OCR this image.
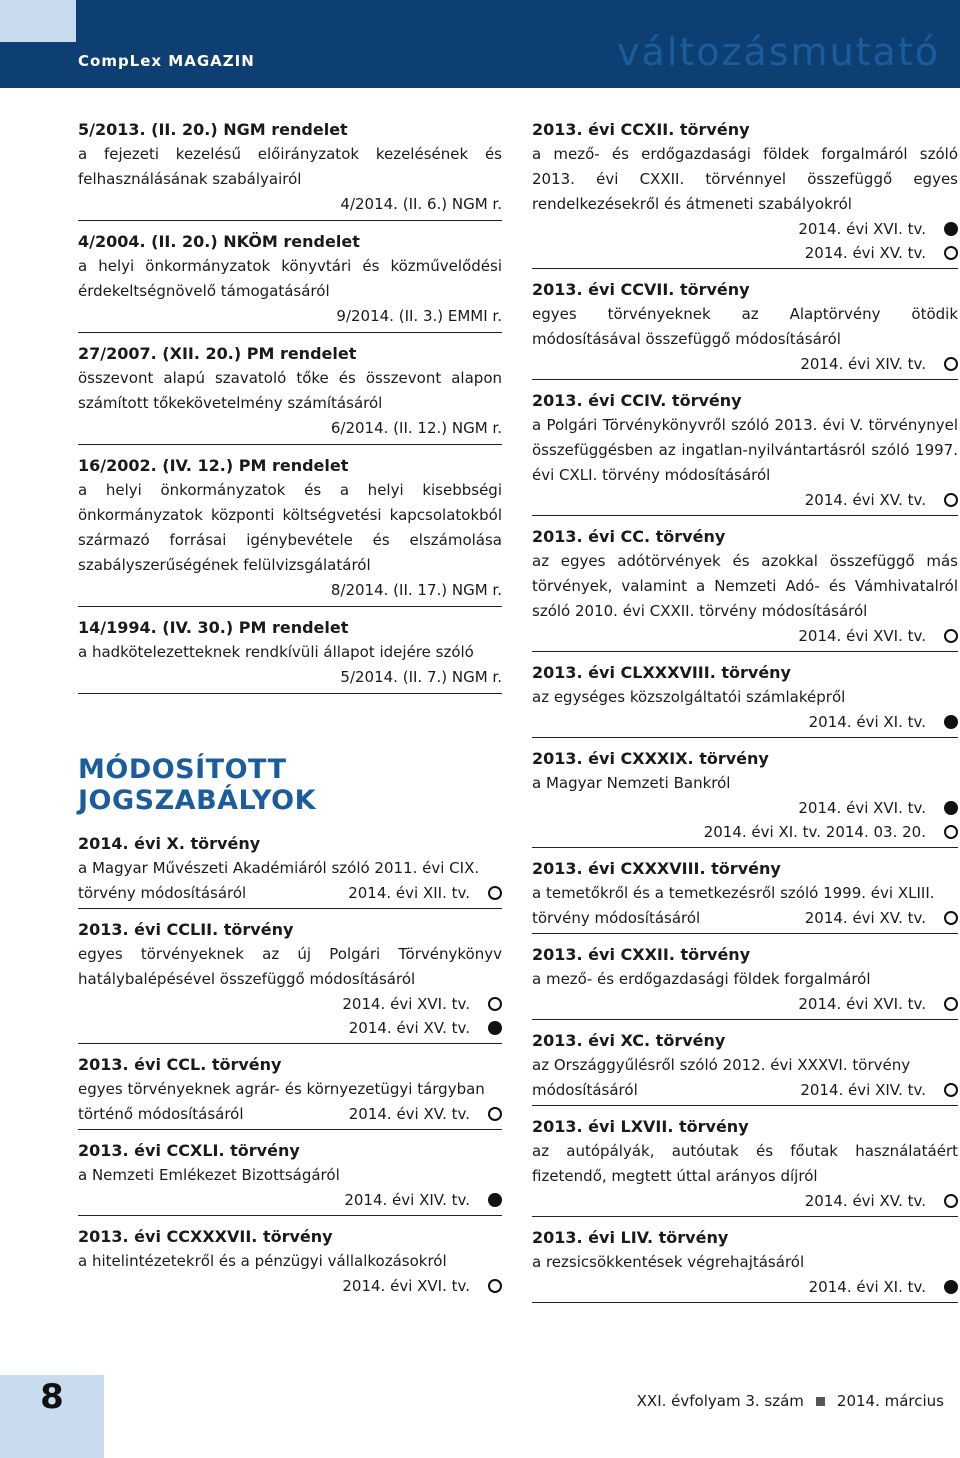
CompLex MAGAZIN	változásmutató
5/2013. (II. 20.) NGM rendelet
a fejezeti kezelésű előirányzatok kezelésének és felhasználásának szabályairól
4/2014. (II. 6.) NGM r.
4/2004. (II. 20.) NKÖM rendelet
a helyi önkormányzatok könyvtári és közművelődési érdekeltségnövelő támogatásáról
9/2014. (II. 3.) EMMI r.
27/2007. (XII. 20.) PM rendelet
összevont alapú szavatoló tőke és összevont alapon számított tőkekövetelmény számításáról
6/2014. (II. 12.) NGM r.
16/2002. (IV. 12.) PM rendelet
a helyi önkormányzatok és a helyi kisebbségi önkormányzatok központi költségvetési kapcsolatokból származó forrásai igénybevétele és elszámolása szabályszerűségének felülvizsgálatáról
8/2014. (II. 17.) NGM r.
14/1994. (IV. 30.) PM rendelet
a hadkötelezetteknek rendkívüli állapot idejére szóló
5/2014. (II. 7.) NGM r.
MÓDOSÍTOTT JOGSZABÁLYOK
2014. évi X. törvény
a Magyar Művészeti Akadémiáról szóló 2011. évi CIX.
törvény módosításáról	2014. évi XII. tv.
2013. évi CCLII. törvény
egyes törvényeknek az új Polgári Törvénykönyv hatálybalépésével összefüggő módosításáról
2014. évi XVI. tv.
2014. évi XV. tv.
2013. évi CCL. törvény
egyes törvényeknek agrár- és környezetügyi tárgyban
történő módosításáról	2014. évi XV. tv.
2013. évi CCXLI. törvény
a Nemzeti Emlékezet Bizottságáról
2014. évi XIV. tv.
2013. évi CCXXXVII. törvény
a hitelintézetekről és a pénzügyi vállalkozásokról
2014. évi XVI. tv.
2013. évi CCXII. törvény
a mező- és erdőgazdasági földek forgalmáról szóló 2013. évi CXXII. törvénnyel összefüggő egyes rendelkezésekről és átmeneti szabályokról
2014. évi XVI. tv.
2014. évi XV. tv.
2013. évi CCVII. törvény
egyes törvényeknek az Alaptörvény ötödik módosításával összefüggő módosításáról
2014. évi XIV. tv.
2013. évi CCIV. törvény
a Polgári Törvénykönyvről szóló 2013. évi V. törvénynyel összefüggésben az ingatlan-nyilvántartásról szóló 1997. évi CXLI. törvény módosításáról
2014. évi XV. tv.
2013. évi CC. törvény
az egyes adótörvények és azokkal összefüggő más törvények, valamint a Nemzeti Adó- és Vámhivatalról szóló 2010. évi CXXII. törvény módosításáról
2014. évi XVI. tv.
2013. évi CLXXXVIII. törvény
az egységes közszolgáltatói számlaképről
2014. évi XI. tv.
2013. évi CXXXIX. törvény
a Magyar Nemzeti Bankról
2014. évi XVI. tv.
2014. évi XI. tv. 2014. 03. 20.
2013. évi CXXXVIII. törvény
a temetőkről és a temetkezésről szóló 1999. évi XLIII.
törvény módosításáról	2014. évi XV. tv.
2013. évi CXXII. törvény
a mező- és erdőgazdasági földek forgalmáról
2014. évi XVI. tv.
2013. évi XC. törvény
az Országgyűlésről szóló 2012. évi XXXVI. törvény
módosításáról	2014. évi XIV. tv.
2013. évi LXVII. törvény
az autópályák, autóutak és főutak használatáért fizetendő, megtett úttal arányos díjról
2014. évi XV. tv.
2013. évi LIV. törvény
a rezsicsökkentések végrehajtásáról
2014. évi XI. tv.
8	XXI. évfolyam 3. szám 2014. március
